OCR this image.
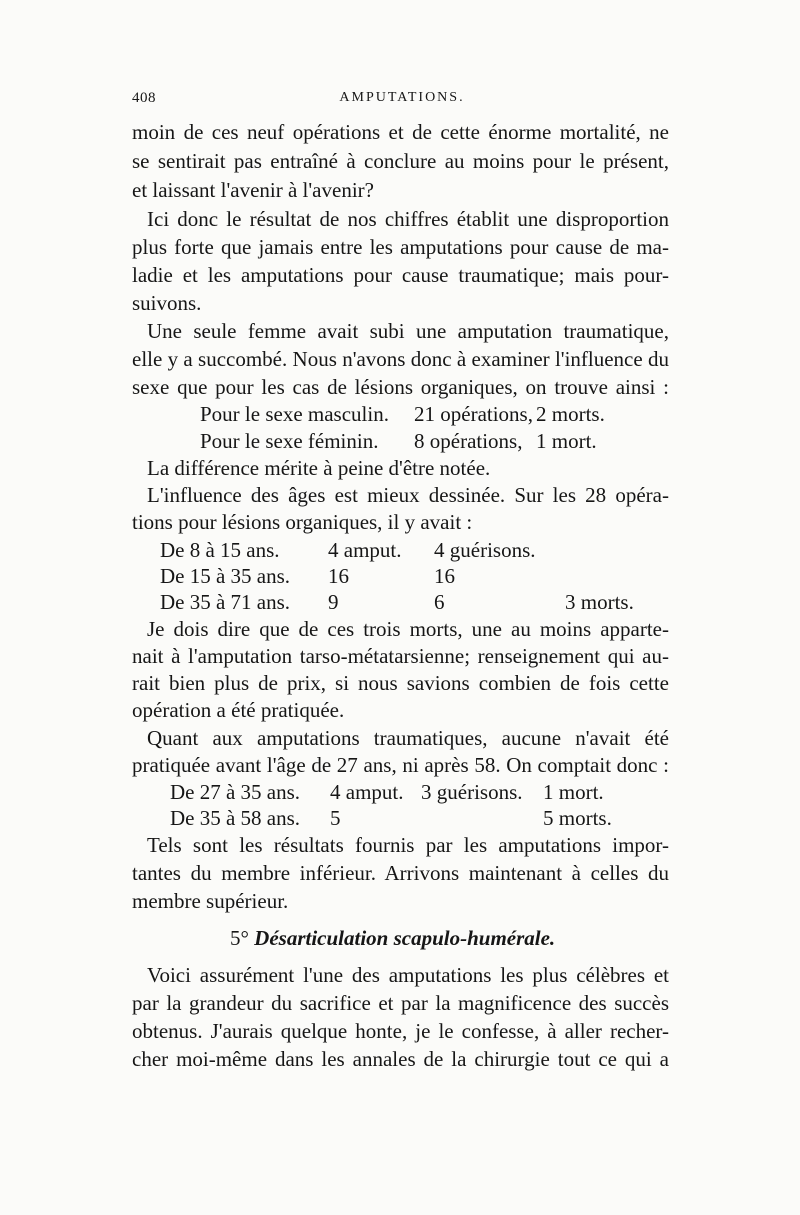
408	AMPUTATIONS.
moin de ces neuf opérations et de cette énorme mortalité, ne
se sentirait pas entraîné à conclure au moins pour le présent,
et laissant l'avenir à l'avenir?
Ici donc le résultat de nos chiffres établit une disproportion
plus forte que jamais entre les amputations pour cause de ma-
ladie et les amputations pour cause traumatique; mais pour-
suivons.
Une seule femme avait subi une amputation traumatique,
elle y a succombé. Nous n'avons donc à examiner l'influence du
sexe que pour les cas de lésions organiques, on trouve ainsi :
Pour le sexe masculin. 21 opérations, 2 morts.
Pour le sexe féminin. 8 opérations, 1 mort.
La différence mérite à peine d'être notée.
L'influence des âges est mieux dessinée. Sur les 28 opéra-
tions pour lésions organiques, il y avait :
De 8 à 15 ans. 4 amput. 4 guérisons.
De 15 à 35 ans. 16	16
De 35 à 71 ans. 9	6	3 morts.
Je dois dire que de ces trois morts, une au moins apparte-
nait à l'amputation tarso-métatarsienne; renseignement qui au-
rait bien plus de prix, si nous savions combien de fois cette
opération a été pratiquée.
Quant aux amputations traumatiques, aucune n'avait été
pratiquée avant l'âge de 27 ans, ni après 58. On comptait donc :
De 27 à 35 ans. 4 amput. 3 guérisons. 1 mort.
De 35 à 58 ans. 5	5 morts.
Tels sont les résultats fournis par les amputations impor-
tantes du membre inférieur. Arrivons maintenant à celles du
membre supérieur.
5° Désarticulation scapulo-humérale.
Voici assurément l'une des amputations les plus célèbres et
par la grandeur du sacrifice et par la magnificence des succès
obtenus. J'aurais quelque honte, je le confesse, à aller recher-
cher moi-même dans les annales de la chirurgie tout ce qui a
